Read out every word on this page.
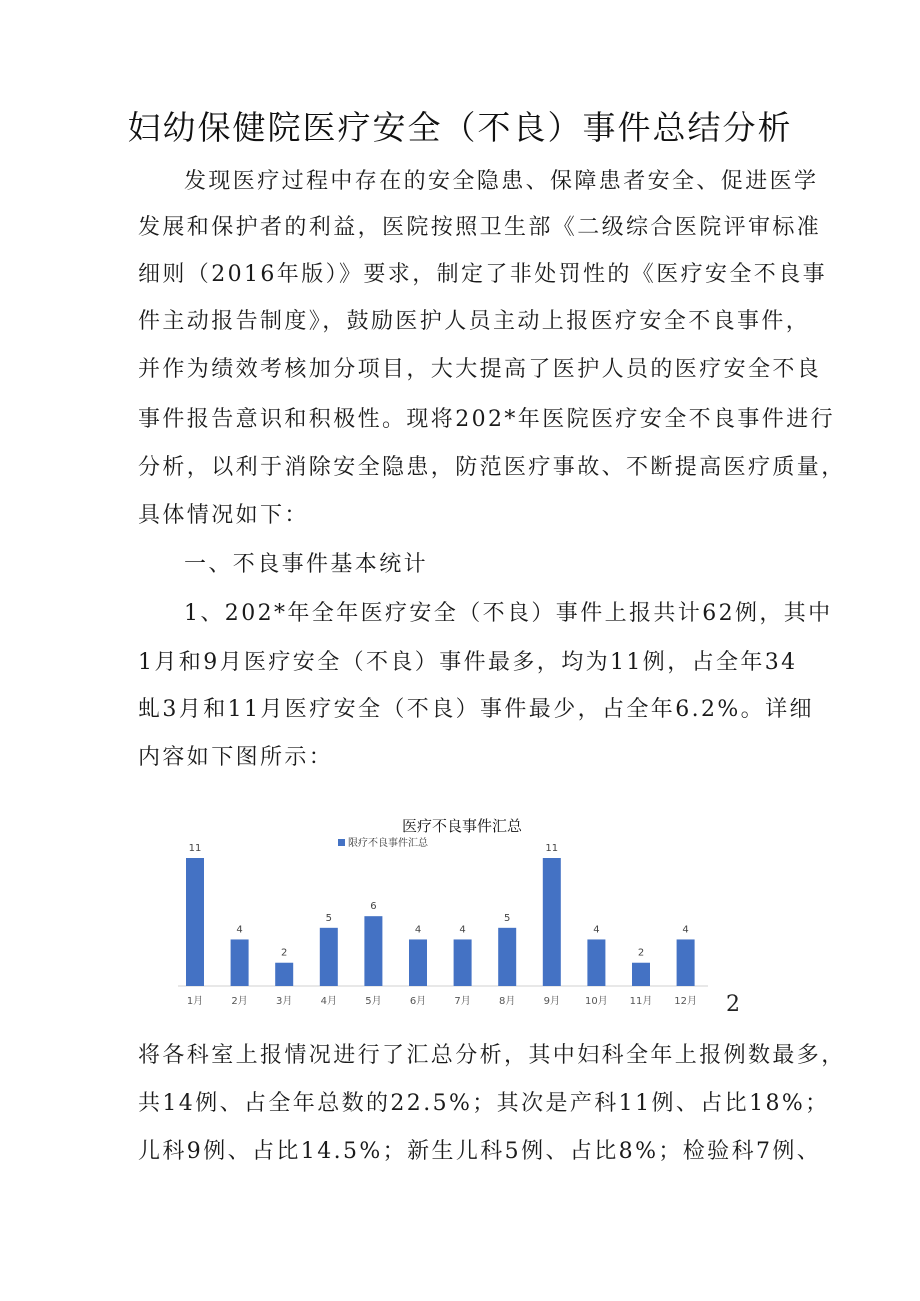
妇幼保健院医疗安全（不良）事件总结分析

发现医疗过程中存在的安全隐患、保障患者安全、促进医学

发展和保护者的利益，医院按照卫生部《二级综合医院评审标准

细则（2016年版）》要求，制定了非处罚性的《医疗安全不良事

件主动报告制度》，鼓励医护人员主动上报医疗安全不良事件，

并作为绩效考核加分项目，大大提高了医护人员的医疗安全不良

事件报告意识和积极性。现将202*年医院医疗安全不良事件进行

分析，以利于消除安全隐患，防范医疗事故、不断提高医疗质量，

具体情况如下：

一、不良事件基本统计

1、202*年全年医疗安全（不良）事件上报共计62例，其中

1月和9月医疗安全（不良）事件最多，均为11例，占全年34

虬3月和11月医疗安全（不良）事件最少，占全年6.2%。详细

内容如下图所示：

医疗不良事件汇总
限疗不良事件汇总
11
1月
4
2月
2
3月
5
4月
6
5月
4
6月
4
7月
5
8月
11
9月
4
10月
2
11月
4
12月 2

将各科室上报情况进行了汇总分析，其中妇科全年上报例数最多，

共14例、占全年总数的22.5%；其次是产科11例、占比18%；

儿科9例、占比14.5%；新生儿科5例、占比8%；检验科7例、
